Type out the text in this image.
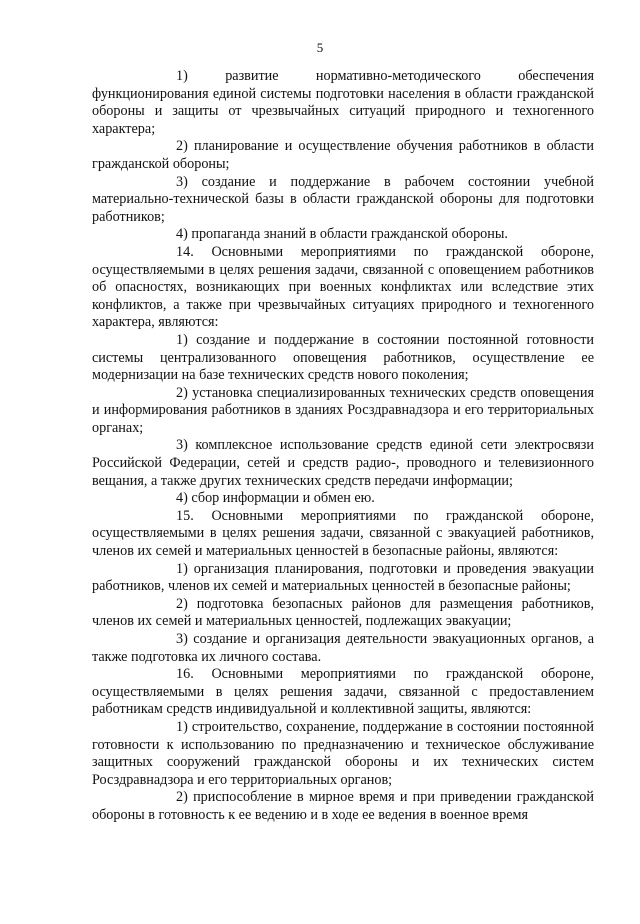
5

1)	развитие нормативно-методического обеспечения функционирования единой системы подготовки населения в области гражданской обороны и защиты от чрезвычайных ситуаций природного и техногенного характера;

2) планирование и осуществление обучения работников в области гражданской обороны;

3) создание и поддержание в рабочем состоянии учебной материально-технической базы в области гражданской обороны для подготовки работников;

4) пропаганда знаний в области гражданской обороны.

14. Основными мероприятиями по гражданской обороне, осуществляемыми в целях решения задачи, связанной с оповещением работников об опасностях, возникающих при военных конфликтах или вследствие этих конфликтов, а также при чрезвычайных ситуациях природного и техногенного характера, являются:

1) создание и поддержание в состоянии постоянной готовности системы централизованного оповещения работников, осуществление ее модернизации на базе технических средств нового поколения;

2) установка специализированных технических средств оповещения и информирования работников в зданиях Росздравнадзора и его территориальных органах;

3) комплексное использование средств единой сети электросвязи Российской Федерации, сетей и средств радио-, проводного и телевизионного вещания, а также других технических средств передачи информации;

4) сбор информации и обмен ею.

15. Основными мероприятиями по гражданской обороне, осуществляемыми в целях решения задачи, связанной с эвакуацией работников, членов их семей и материальных ценностей в безопасные районы, являются:

1) организация планирования, подготовки и проведения эвакуации работников, членов их семей и материальных ценностей в безопасные районы;

2) подготовка безопасных районов для размещения работников, членов их семей и материальных ценностей, подлежащих эвакуации;

3) создание и организация деятельности эвакуационных органов, а также подготовка их личного состава.

16. Основными мероприятиями по гражданской обороне, осуществляемыми в целях решения задачи, связанной с предоставлением работникам средств индивидуальной и коллективной защиты, являются:

1) строительство, сохранение, поддержание в состоянии постоянной готовности к использованию по предназначению и техническое обслуживание защитных сооружений гражданской обороны и их технических систем Росздравнадзора и его территориальных органов;

2) приспособление в мирное время и при приведении гражданской обороны в готовность к ее ведению и в ходе ее ведения в военное время
